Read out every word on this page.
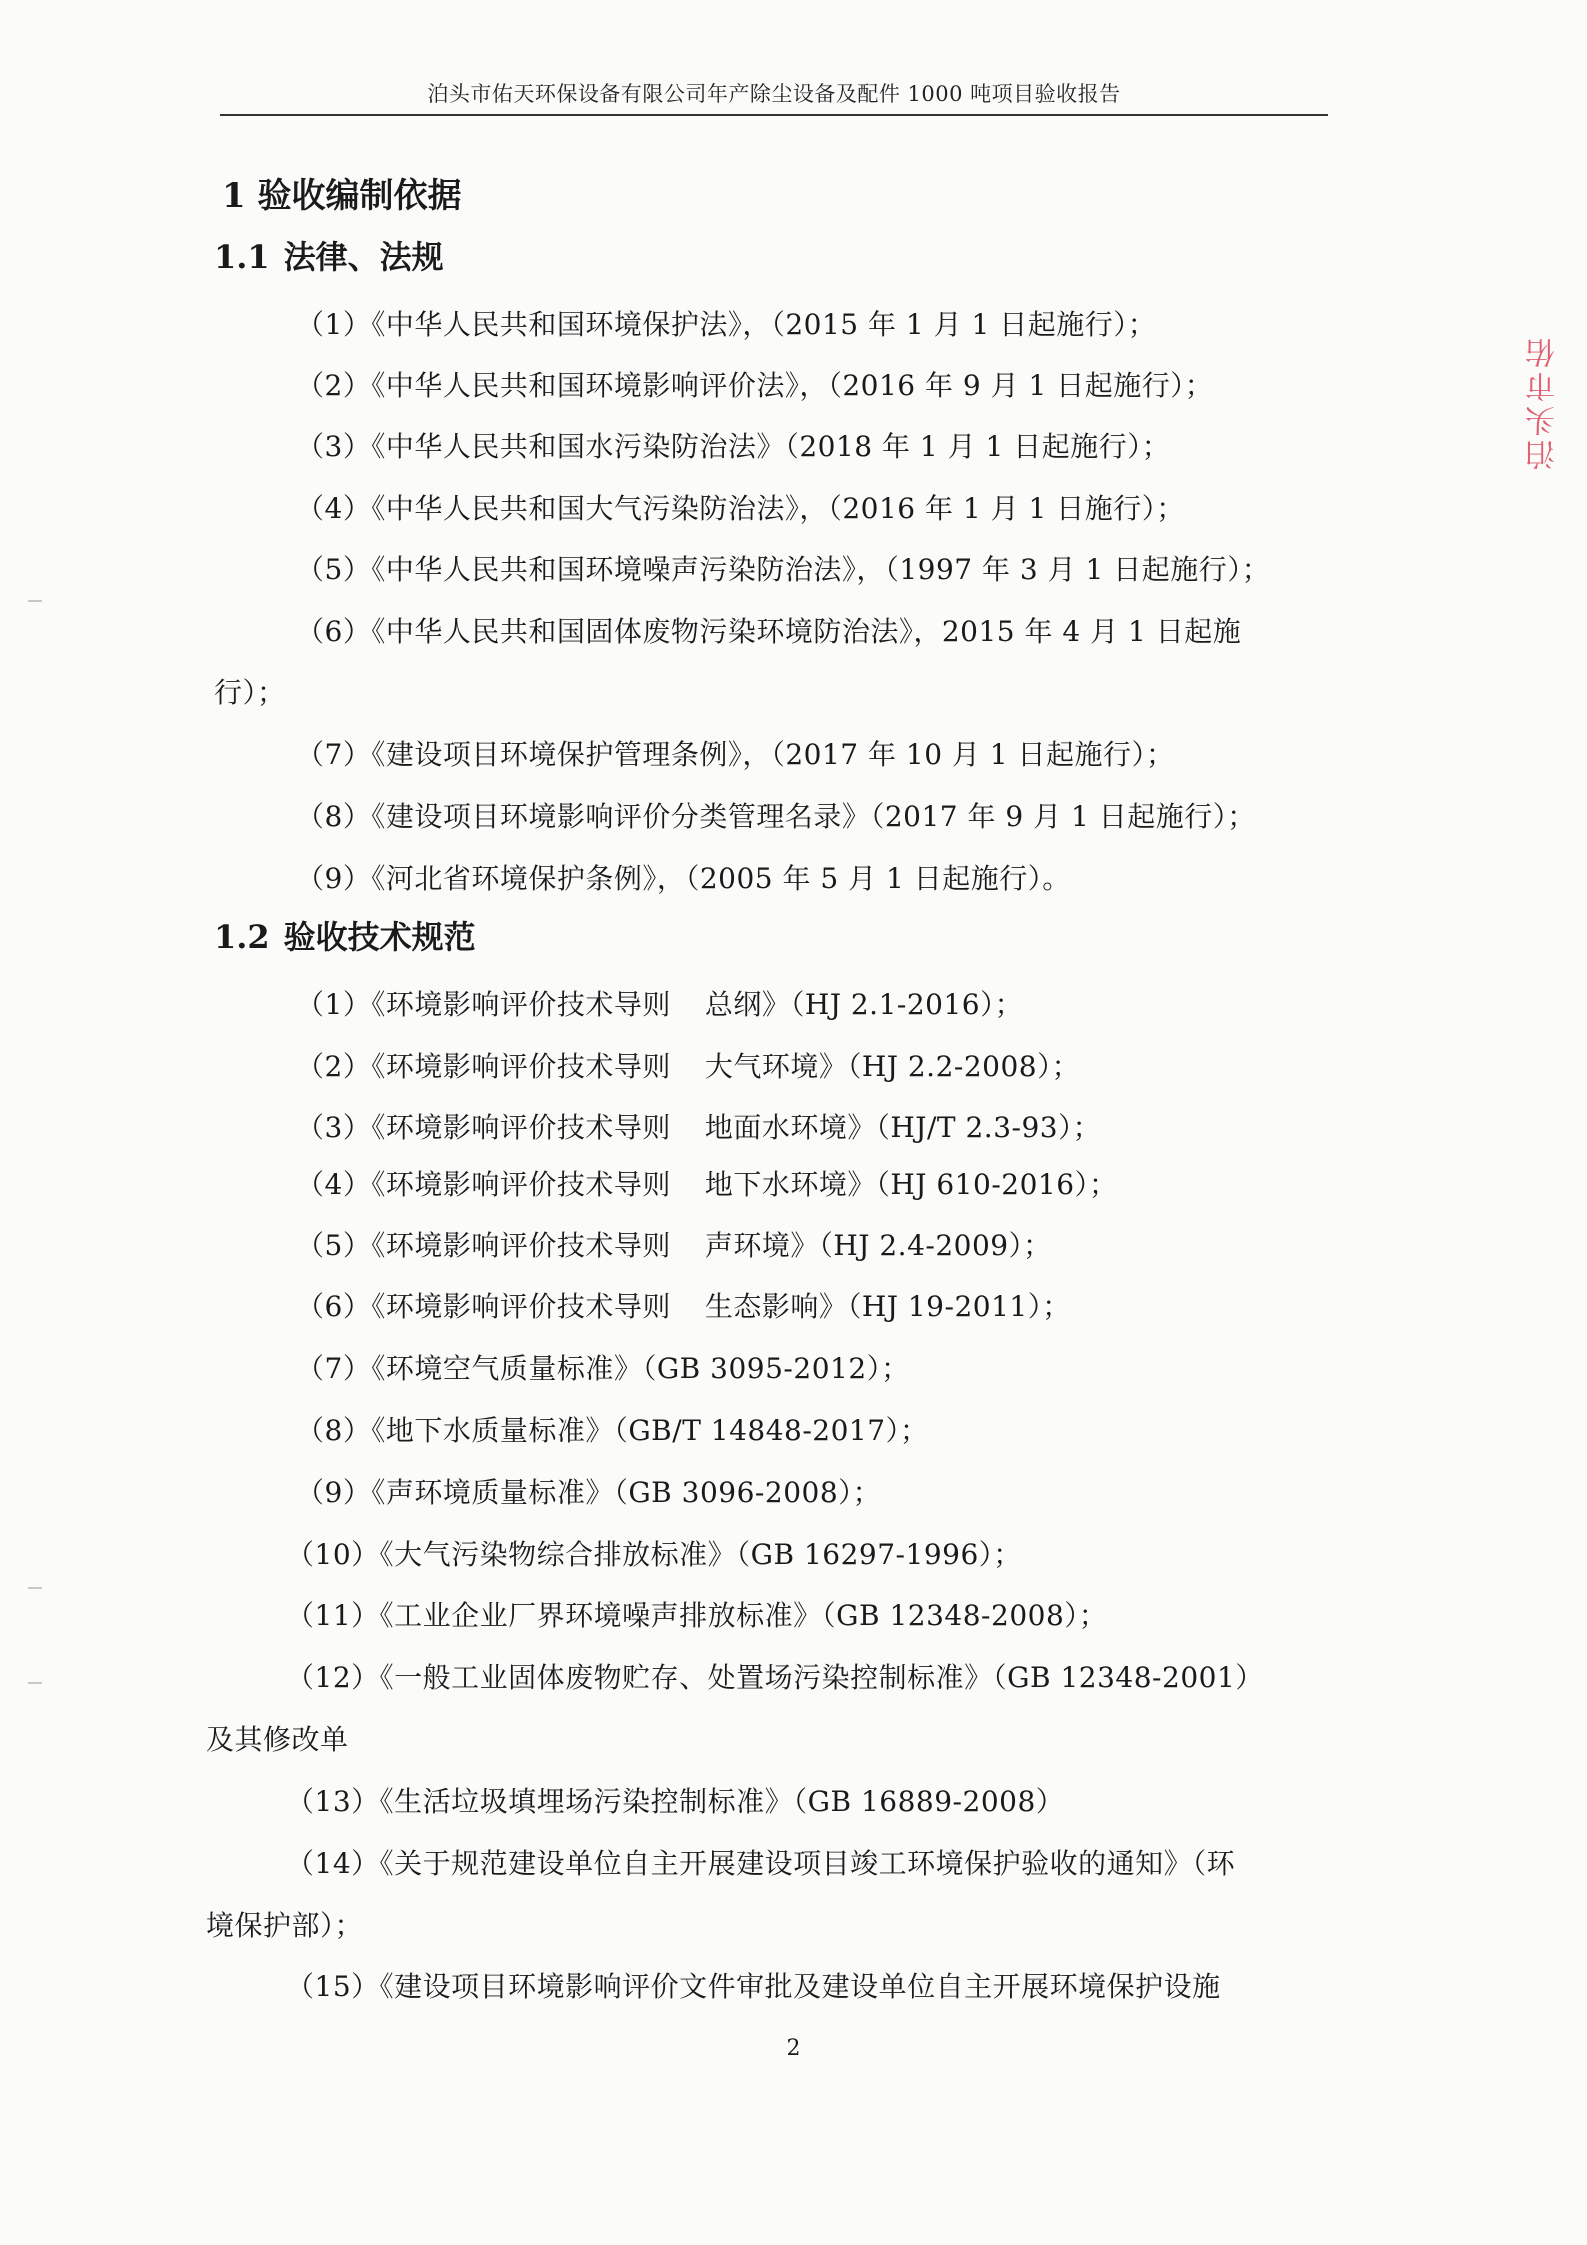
泊头市佑天环保设备有限公司年产除尘设备及配件 1000 吨项目验收报告
1 验收编制依据
1.1 法律、法规
（1）《中华人民共和国环境保护法》，（2015 年 1 月 1 日起施行）；
（2）《中华人民共和国环境影响评价法》，（2016 年 9 月 1 日起施行）；
（3）《中华人民共和国水污染防治法》（2018 年 1 月 1 日起施行）；
（4）《中华人民共和国大气污染防治法》，（2016 年 1 月 1 日施行）；
（5）《中华人民共和国环境噪声污染防治法》，（1997 年 3 月 1 日起施行）；
（6）《中华人民共和国固体废物污染环境防治法》，2015 年 4 月 1 日起施
行）；
（7）《建设项目环境保护管理条例》，（2017 年 10 月 1 日起施行）；
（8）《建设项目环境影响评价分类管理名录》（2017 年 9 月 1 日起施行）；
（9）《河北省环境保护条例》，（2005 年 5 月 1 日起施行）。
1.2 验收技术规范
（1）《环境影响评价技术导则 总纲》（HJ 2.1-2016）；
（2）《环境影响评价技术导则 大气环境》（HJ 2.2-2008）；
（3）《环境影响评价技术导则 地面水环境》（HJ/T 2.3-93）；
（4）《环境影响评价技术导则 地下水环境》（HJ 610-2016）；
（5）《环境影响评价技术导则 声环境》（HJ 2.4-2009）；
（6）《环境影响评价技术导则 生态影响》（HJ 19-2011）；
（7）《环境空气质量标准》（GB 3095-2012）；
（8）《地下水质量标准》（GB/T 14848-2017）；
（9）《声环境质量标准》（GB 3096-2008）；
（10）《大气污染物综合排放标准》（GB 16297-1996）；
（11）《工业企业厂界环境噪声排放标准》（GB 12348-2008）；
（12）《一般工业固体废物贮存、处置场污染控制标准》（GB 12348-2001）
及其修改单
（13）《生活垃圾填埋场污染控制标准》（GB 16889-2008）
（14）《关于规范建设单位自主开展建设项目竣工环境保护验收的通知》（环
境保护部）；
（15）《建设项目环境影响评价文件审批及建设单位自主开展环境保护设施
2
泊头市佑
